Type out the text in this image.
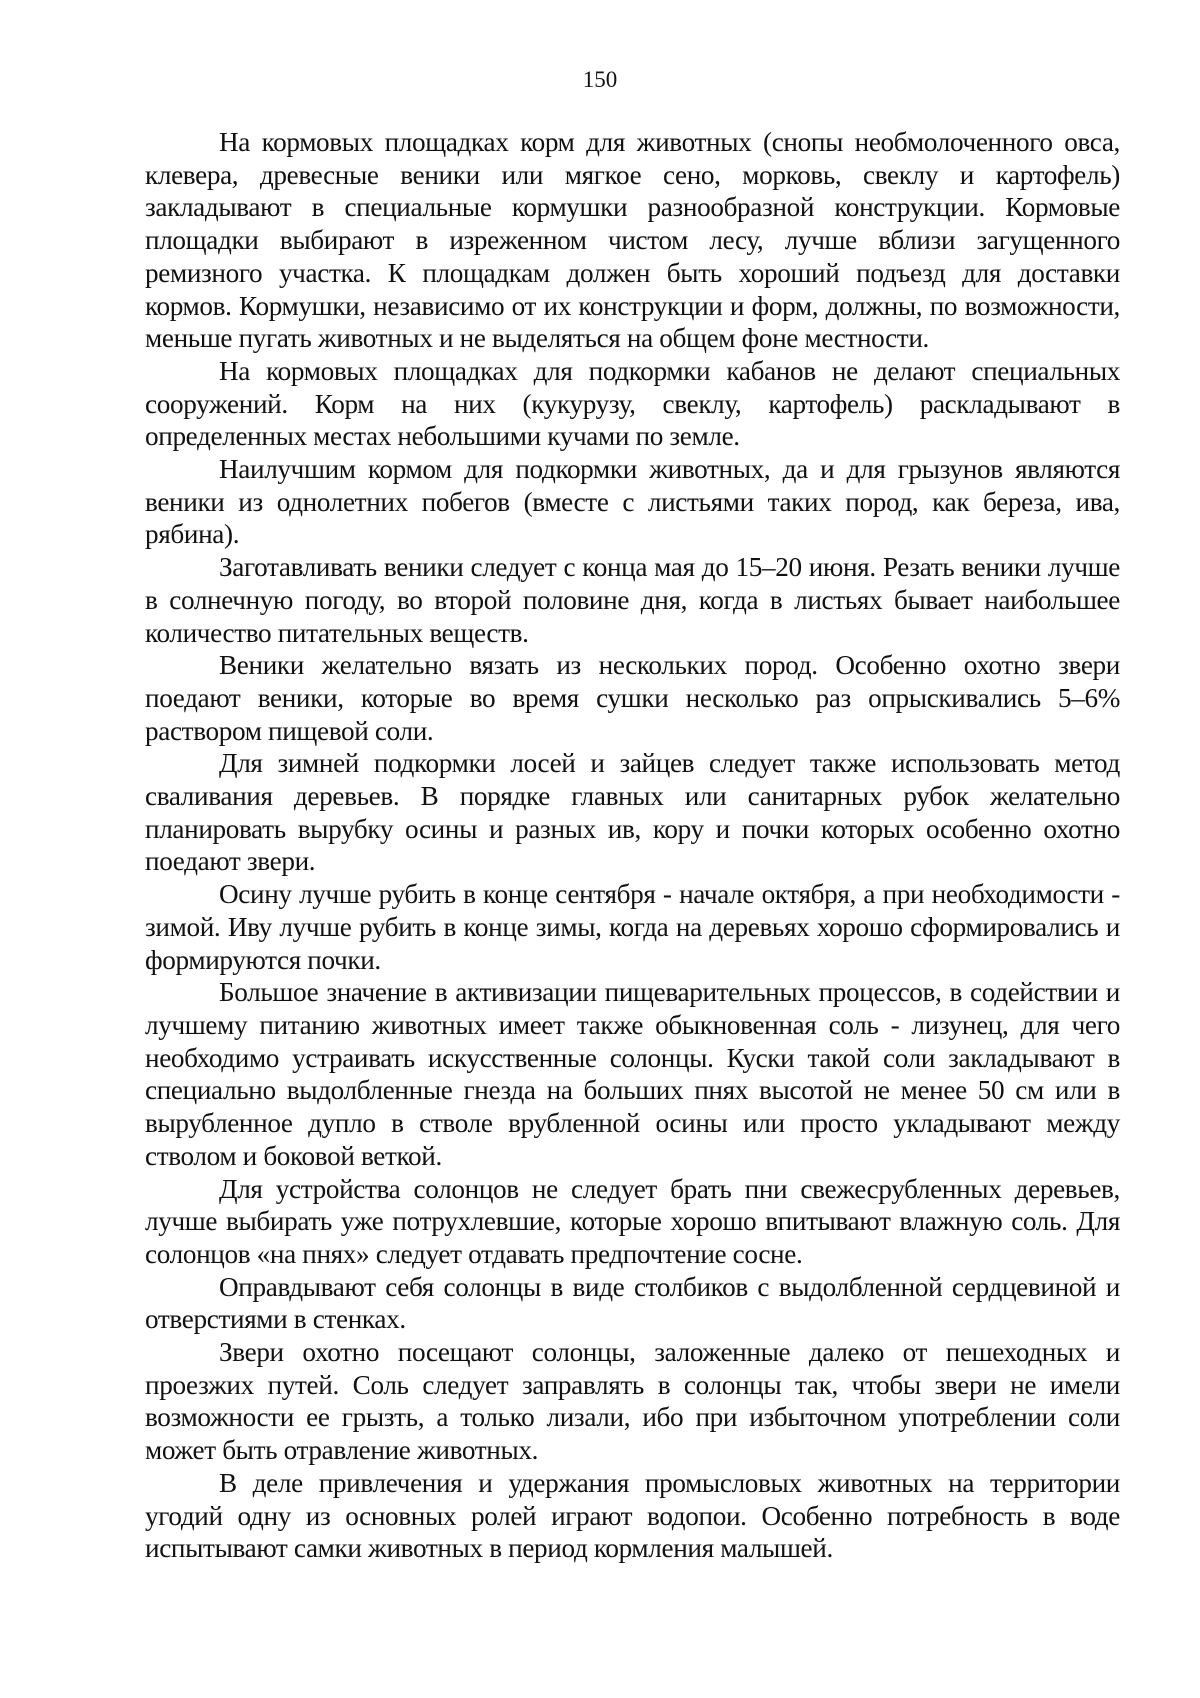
150

На кормовых площадках корм для животных (снопы необмолоченного овса, клевера, древесные веники или мягкое сено, морковь, свеклу и картофель) закладывают в специальные кормушки разнообразной конструкции. Кормовые площадки выбирают в изреженном чистом лесу, лучше вблизи загущенного ремизного участка. К площадкам должен быть хороший подъезд для доставки кормов. Кормушки, независимо от их конструкции и форм, должны, по возможности, меньше пугать животных и не выделяться на общем фоне местности.

На кормовых площадках для подкормки кабанов не делают специальных сооружений. Корм на них (кукурузу, свеклу, картофель) раскладывают в определенных местах небольшими кучами по земле.

Наилучшим кормом для подкормки животных, да и для грызунов являются веники из однолетних побегов (вместе с листьями таких пород, как береза, ива, рябина).

Заготавливать веники следует с конца мая до 15–20 июня. Резать веники лучше в солнечную погоду, во второй половине дня, когда в листьях бывает наибольшее количество питательных веществ.

Веники желательно вязать из нескольких пород. Особенно охотно звери поедают веники, которые во время сушки несколько раз опрыскивались 5–6% раствором пищевой соли.

Для зимней подкормки лосей и зайцев следует также использовать метод сваливания деревьев. В порядке главных или санитарных рубок желательно планировать вырубку осины и разных ив, кору и почки которых особенно охотно поедают звери.

Осину лучше рубить в конце сентября - начале октября, а при необходимости - зимой. Иву лучше рубить в конце зимы, когда на деревьях хорошо сформировались и формируются почки.

Большое значение в активизации пищеварительных процессов, в содействии и лучшему питанию животных имеет также обыкновенная соль - лизунец, для чего необходимо устраивать искусственные солонцы. Куски такой соли закладывают в специально выдолбленные гнезда на больших пнях высотой не менее 50 см или в вырубленное дупло в стволе врубленной осины или просто укладывают между стволом и боковой веткой.

Для устройства солонцов не следует брать пни свежесрубленных деревьев, лучше выбирать уже потрухлевшие, которые хорошо впитывают влажную соль. Для солонцов «на пнях» следует отдавать предпочтение сосне.

Оправдывают себя солонцы в виде столбиков с выдолбленной сердцевиной и отверстиями в стенках.

Звери охотно посещают солонцы, заложенные далеко от пешеходных и проезжих путей. Соль следует заправлять в солонцы так, чтобы звери не имели возможности ее грызть, а только лизали, ибо при избыточном употреблении соли может быть отравление животных.

В деле привлечения и удержания промысловых животных на территории угодий одну из основных ролей играют водопои. Особенно потребность в воде испытывают самки животных в период кормления малышей.
